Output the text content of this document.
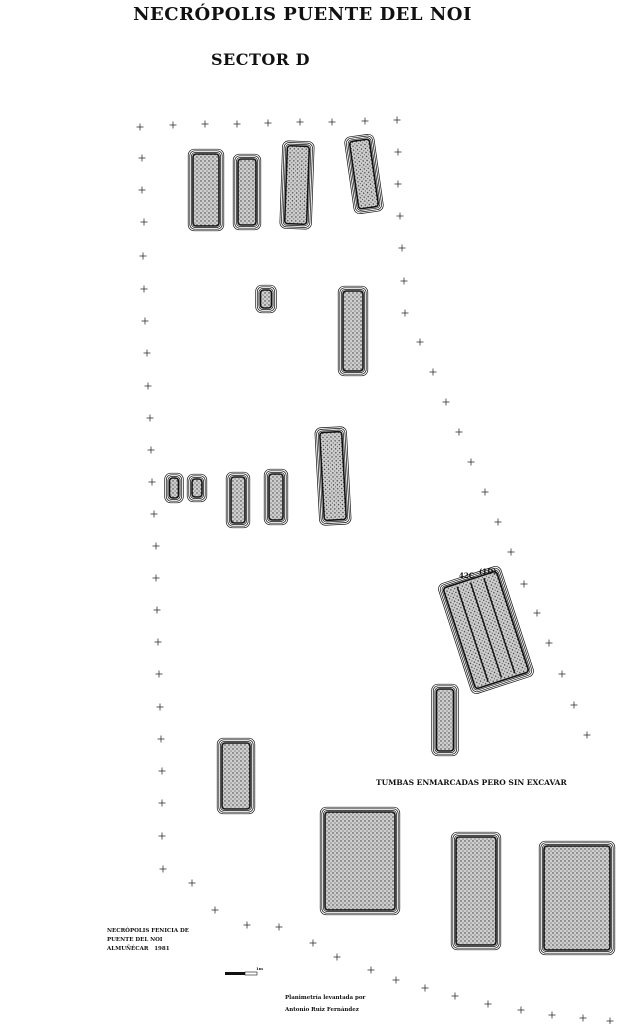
NECRÓPOLIS PUENTE DEL NOI
SECTOR D
42C (1D)
TUMBAS ENMARCADAS PERO SIN EXCAVAR
NECRÓPOLIS FENICIA DE
PUENTE DEL NOI
ALMUÑÉCAR 1981
1m
Planimetría levantada por
Antonio Ruiz Fernández
